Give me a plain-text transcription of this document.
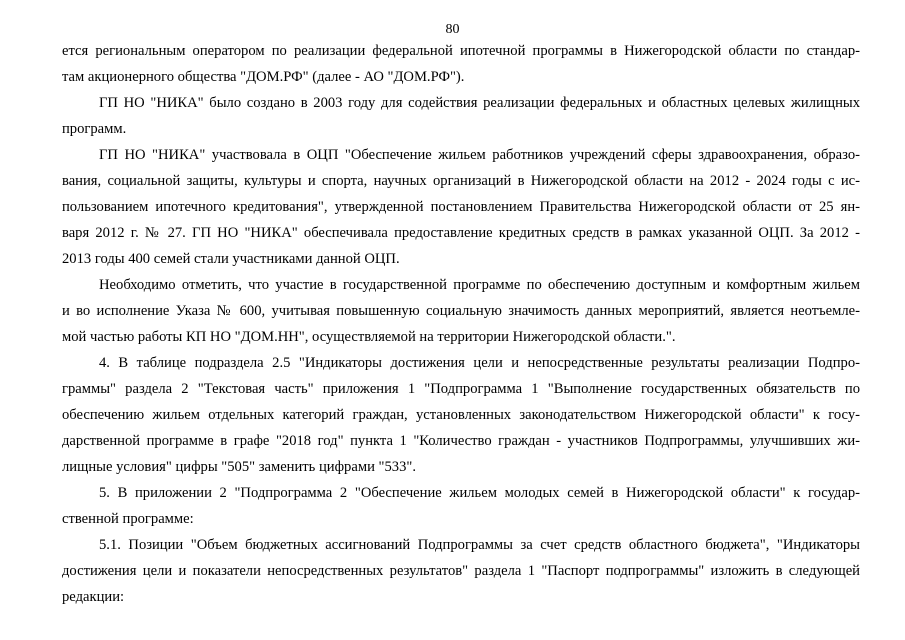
80
ется региональным оператором по реализации федеральной ипотечной программы в Нижегородской области по стандар-
там акционерного общества "ДОМ.РФ" (далее - АО "ДОМ.РФ").
ГП НО "НИКА" было создано в 2003 году для содействия реализации федеральных и областных целевых жилищных
программ.
ГП НО "НИКА" участвовала в ОЦП "Обеспечение жильем работников учреждений сферы здравоохранения, образо-
вания, социальной защиты, культуры и спорта, научных организаций в Нижегородской области на 2012 - 2024 годы с ис-
пользованием ипотечного кредитования", утвержденной постановлением Правительства Нижегородской области от 25 ян-
варя 2012 г. № 27. ГП НО "НИКА" обеспечивала предоставление кредитных средств в рамках указанной ОЦП. За 2012 -
2013 годы 400 семей стали участниками данной ОЦП.
Необходимо отметить, что участие в государственной программе по обеспечению доступным и комфортным жильем
и во исполнение Указа № 600, учитывая повышенную социальную значимость данных мероприятий, является неотъемле-
мой частью работы КП НО "ДОМ.НН", осуществляемой на территории Нижегородской области.".
4. В таблице подраздела 2.5 "Индикаторы достижения цели и непосредственные результаты реализации Подпро-
граммы" раздела 2 "Текстовая часть" приложения 1 "Подпрограмма 1 "Выполнение государственных обязательств по
обеспечению жильем отдельных категорий граждан, установленных законодательством Нижегородской области" к госу-
дарственной программе в графе "2018 год" пункта 1 "Количество граждан - участников Подпрограммы, улучшивших жи-
лищные условия" цифры "505" заменить цифрами "533".
5. В приложении 2 "Подпрограмма 2 "Обеспечение жильем молодых семей в Нижегородской области" к государ-
ственной программе:
5.1. Позиции "Объем бюджетных ассигнований Подпрограммы за счет средств областного бюджета", "Индикаторы
достижения цели и показатели непосредственных результатов" раздела 1 "Паспорт подпрограммы" изложить в следующей
редакции:
